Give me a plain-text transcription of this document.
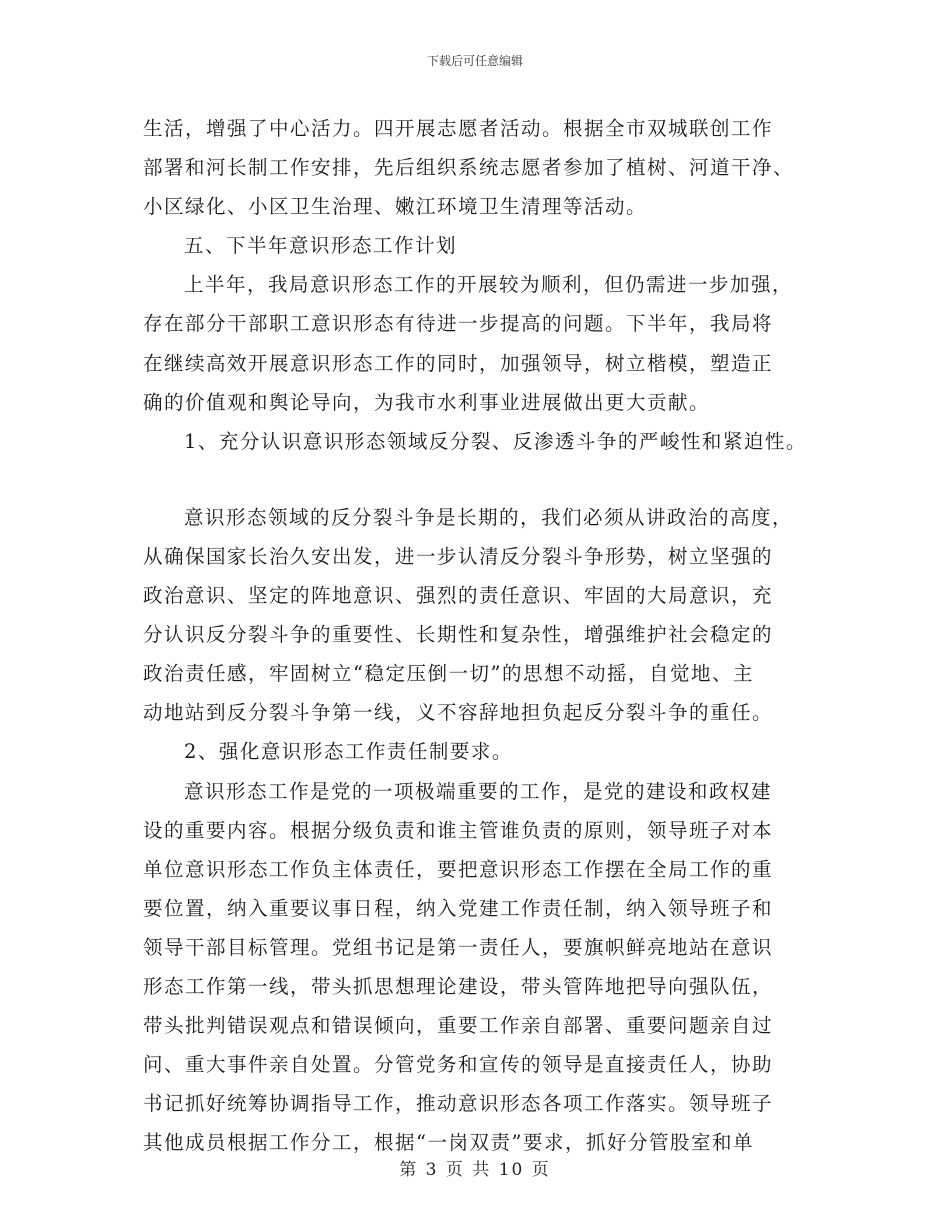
下载后可任意编辑
生活，增强了中心活力。四开展志愿者活动。根据全市双城联创工作
部署和河长制工作安排，先后组织系统志愿者参加了植树、河道干净、
小区绿化、小区卫生治理、嫩江环境卫生清理等活动。
五、下半年意识形态工作计划
上半年，我局意识形态工作的开展较为顺利，但仍需进一步加强，
存在部分干部职工意识形态有待进一步提高的问题。下半年，我局将
在继续高效开展意识形态工作的同时，加强领导，树立楷模，塑造正
确的价值观和舆论导向，为我市水利事业进展做出更大贡献。
1、充分认识意识形态领域反分裂、反渗透斗争的严峻性和紧迫性。
意识形态领域的反分裂斗争是长期的，我们必须从讲政治的高度，
从确保国家长治久安出发，进一步认清反分裂斗争形势，树立坚强的
政治意识、坚定的阵地意识、强烈的责任意识、牢固的大局意识，充
分认识反分裂斗争的重要性、长期性和复杂性，增强维护社会稳定的
政治责任感，牢固树立“稳定压倒一切”的思想不动摇，自觉地、主
动地站到反分裂斗争第一线，义不容辞地担负起反分裂斗争的重任。
2、强化意识形态工作责任制要求。
意识形态工作是党的一项极端重要的工作，是党的建设和政权建
设的重要内容。根据分级负责和谁主管谁负责的原则，领导班子对本
单位意识形态工作负主体责任，要把意识形态工作摆在全局工作的重
要位置，纳入重要议事日程，纳入党建工作责任制，纳入领导班子和
领导干部目标管理。党组书记是第一责任人，要旗帜鲜亮地站在意识
形态工作第一线，带头抓思想理论建设，带头管阵地把导向强队伍，
带头批判错误观点和错误倾向，重要工作亲自部署、重要问题亲自过
问、重大事件亲自处置。分管党务和宣传的领导是直接责任人，协助
书记抓好统筹协调指导工作，推动意识形态各项工作落实。领导班子
其他成员根据工作分工，根据“一岗双责”要求，抓好分管股室和单
第 3 页 共 10 页
